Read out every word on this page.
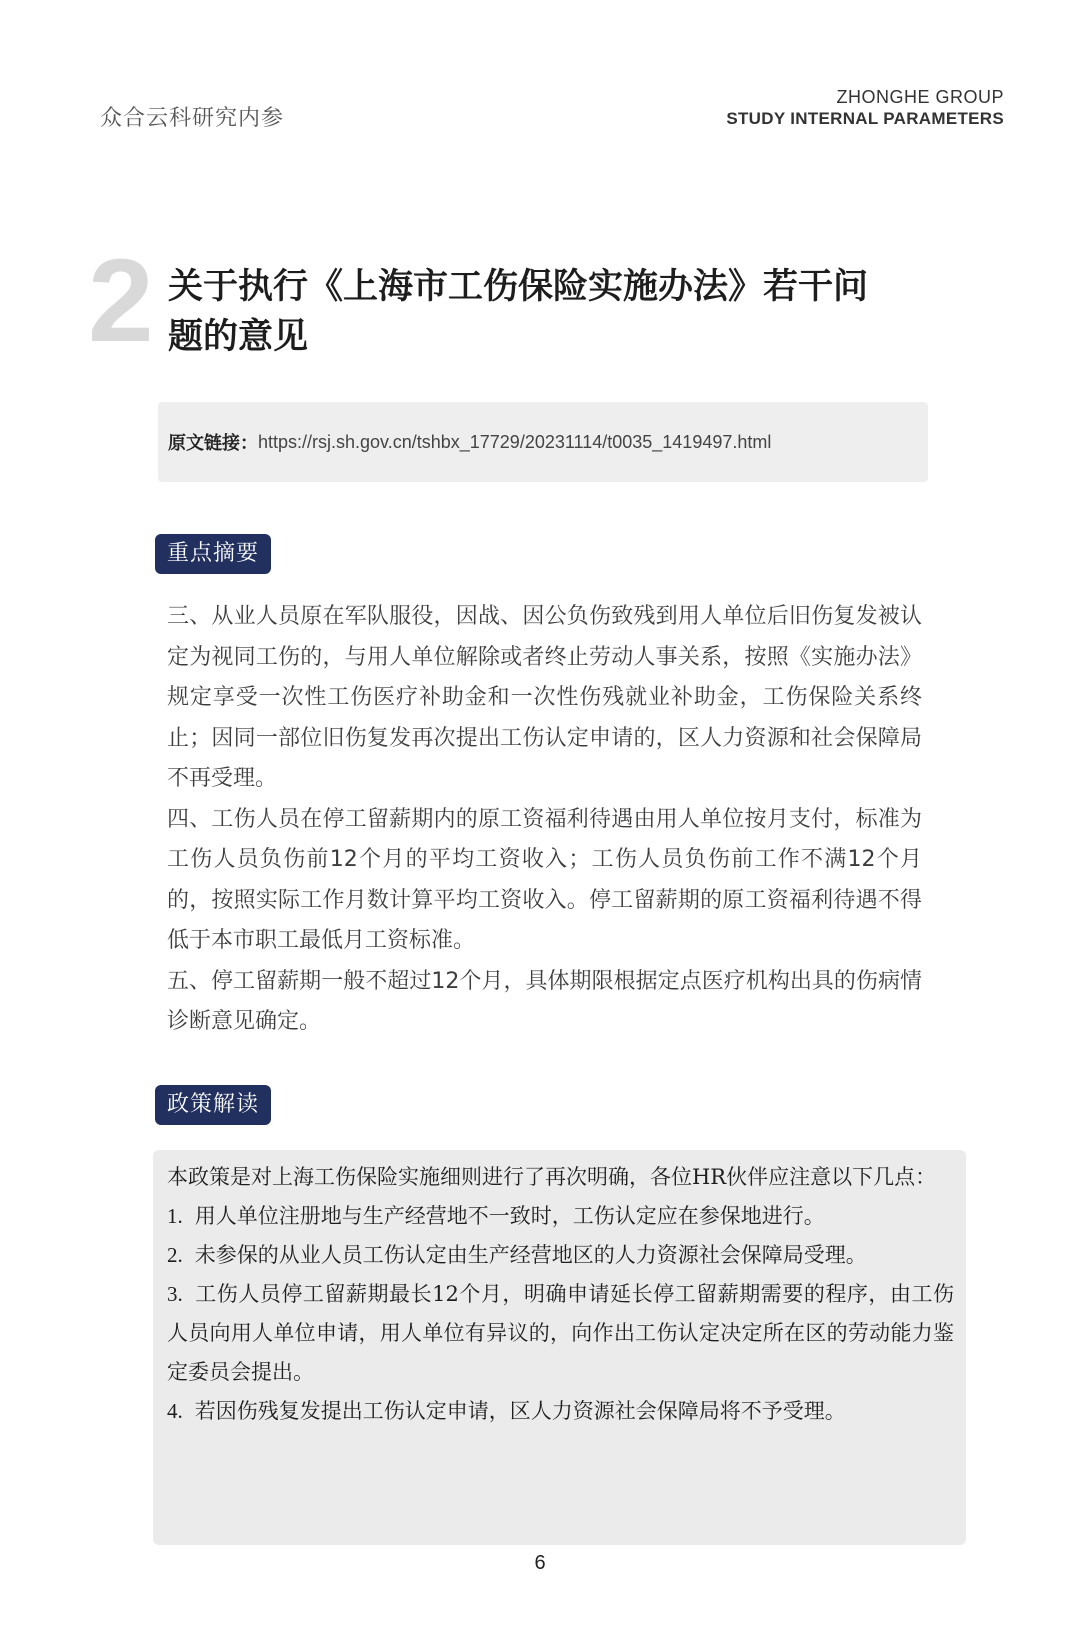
众合云科研究内参
ZHONGHE GROUP
STUDY INTERNAL PARAMETERS
2 关于执行《上海市工伤保险实施办法》若干问题的意见
原文链接： https://rsj.sh.gov.cn/tshbx_17729/20231114/t0035_1419497.html
重点摘要

三、从业人员原在军队服役，因战、因公负伤致残到用人单位后旧伤复发被认定为视同工伤的，与用人单位解除或者终止劳动人事关系，按照《实施办法》规定享受一次性工伤医疗补助金和一次性伤残就业补助金，工伤保险关系终止；因同一部位旧伤复发再次提出工伤认定申请的，区人力资源和社会保障局不再受理。

四、工伤人员在停工留薪期内的原工资福利待遇由用人单位按月支付，标准为工伤人员负伤前12个月的平均工资收入；工伤人员负伤前工作不满12个月的，按照实际工作月数计算平均工资收入。停工留薪期的原工资福利待遇不得低于本市职工最低月工资标准。

五、停工留薪期一般不超过12个月，具体期限根据定点医疗机构出具的伤病情诊断意见确定。

政策解读

本政策是对上海工伤保险实施细则进行了再次明确，各位HR伙伴应注意以下几点：

1. 用人单位注册地与生产经营地不一致时，工伤认定应在参保地进行。

2. 未参保的从业人员工伤认定由生产经营地区的人力资源社会保障局受理。

3. 工伤人员停工留薪期最长12个月，明确申请延长停工留薪期需要的程序，由工伤人员向用人单位申请，用人单位有异议的，向作出工伤认定决定所在区的劳动能力鉴定委员会提出。

4. 若因伤残复发提出工伤认定申请，区人力资源社会保障局将不予受理。

6
